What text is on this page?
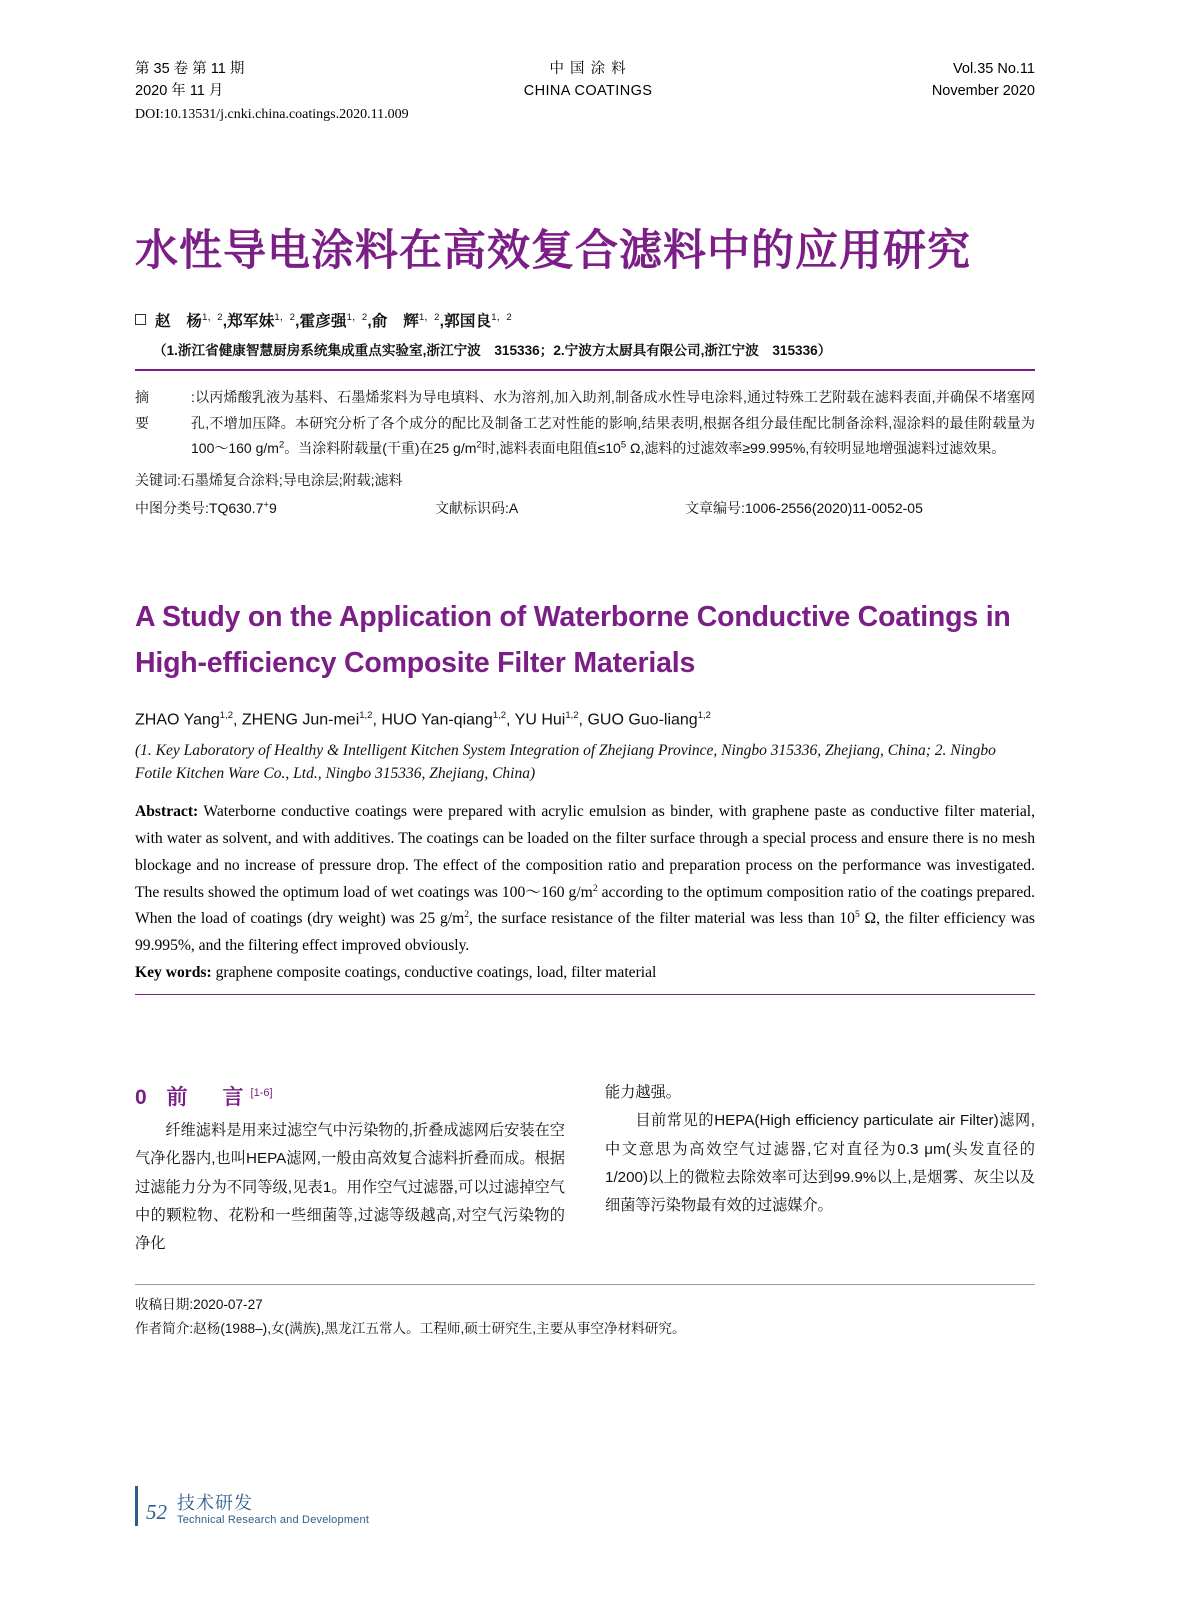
第 35 卷 第 11 期
2020 年 11 月
中 国 涂 料
CHINA COATINGS
Vol.35 No.11
November 2020
DOI:10.13531/j.cnki.china.coatings.2020.11.009
水性导电涂料在高效复合滤料中的应用研究
赵　杨$^{1,2}$,郑军妹$^{1,2}$,霍彦强$^{1,2}$,俞　辉$^{1,2}$,郭国良$^{1,2}$
（1.浙江省健康智慧厨房系统集成重点实验室,浙江宁波　315336；2.宁波方太厨具有限公司,浙江宁波　315336）
摘　要
:以丙烯酸乳液为基料、石墨烯浆料为导电填料、水为溶剂,加入助剂,制备成水性导电涂料,通过特殊工艺附载在滤料表面,并确保不堵塞网孔,不增加压降。本研究分析了各个成分的配比及制备工艺对性能的影响,结果表明,根据各组分最佳配比制备涂料,湿涂料的最佳附载量为100～160 $g/m^2$。当涂料附载量(干重)在25 $g/m^2$时,滤料表面电阻值$\le 10^5$ Ω,滤料的过滤效率≥99.995%,有较明显地增强滤料过滤效果。
关键词:石墨烯复合涂料;导电涂层;附载;滤料
中图分类号:TQ630.7+9	文献标识码:A	文章编号:1006-2556(2020)11-0052-05
A Study on the Application of Waterborne Conductive Coatings in High-efficiency Composite Filter Materials
ZHAO Yang$^{1,2}$, ZHENG Jun-mei$^{1,2}$, HUO Yan-qiang$^{1,2}$, YU Hui$^{1,2}$, GUO Guo-liang$^{1,2}$
(1. Key Laboratory of Healthy & Intelligent Kitchen System Integration of Zhejiang Province, Ningbo 315336, Zhejiang, China; 2. Ningbo Fotile Kitchen Ware Co., Ltd., Ningbo 315336, Zhejiang, China)
Abstract: Waterborne conductive coatings were prepared with acrylic emulsion as binder, with graphene paste as conductive filter material, with water as solvent, and with additives. The coatings can be loaded on the filter surface through a special process and ensure there is no mesh blockage and no increase of pressure drop. The effect of the composition ratio and preparation process on the performance was investigated. The results showed the optimum load of wet coatings was 100～160 $g/m^2$ according to the optimum composition ratio of the coatings prepared. When the load of coatings (dry weight) was 25 $g/m^2$, the surface resistance of the filter material was less than $10^5$ Ω, the filter efficiency was 99.995%, and the filtering effect improved obviously.
Key words: graphene composite coatings, conductive coatings, load, filter material
0 前　言[1-6]

纤维滤料是用来过滤空气中污染物的,折叠成滤网后安装在空气净化器内,也叫HEPA滤网,一般由高效复合滤料折叠而成。根据过滤能力分为不同等级,见表1。用作空气过滤器,可以过滤掉空气中的颗粒物、花粉和一些细菌等,过滤等级越高,对空气污染物的净化

能力越强。

目前常见的HEPA(High efficiency particulate air Filter)滤网,中文意思为高效空气过滤器,它对直径为0.3 μm(头发直径的1/200)以上的微粒去除效率可达到99.9%以上,是烟雾、灰尘以及细菌等污染物最有效的过滤媒介。

收稿日期:2020-07-27
作者简介:赵杨(1988–),女(满族),黑龙江五常人。工程师,硕士研究生,主要从事空净材料研究。
52 技术研发
Technical Research and Development
